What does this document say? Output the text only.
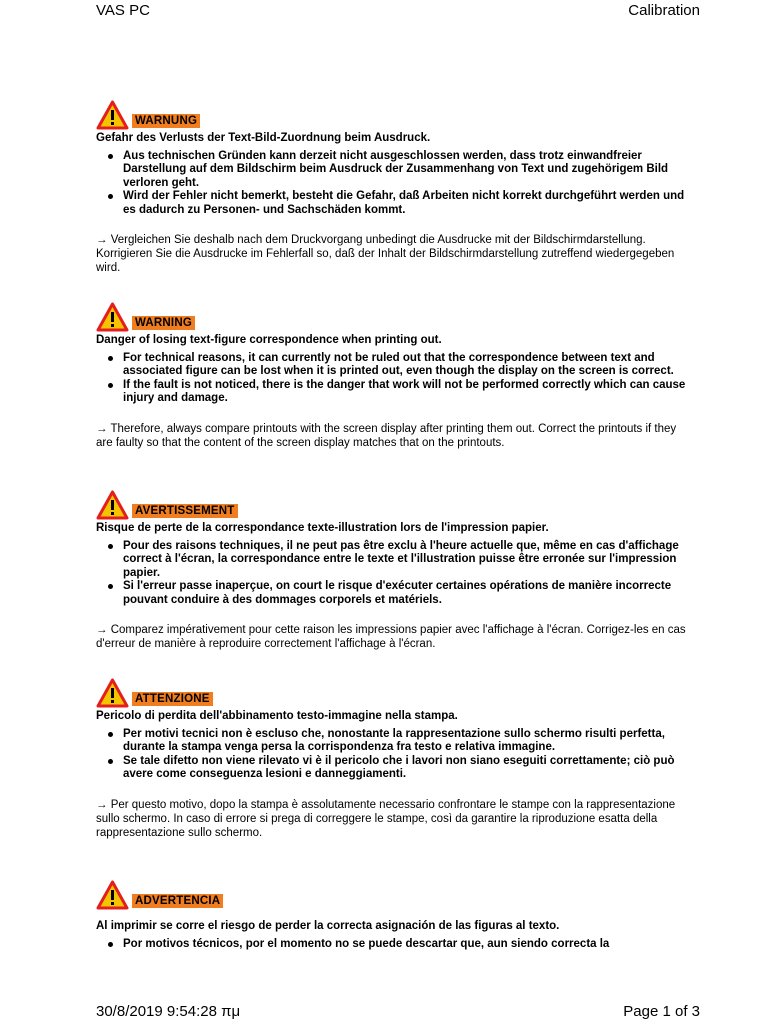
VAS PC	Calibration
WARNUNG
Gefahr des Verlusts der Text-Bild-Zuordnung beim Ausdruck.
Aus technischen Gründen kann derzeit nicht ausgeschlossen werden, dass trotz einwandfreier Darstellung auf dem Bildschirm beim Ausdruck der Zusammenhang von Text und zugehörigem Bild verloren geht.
Wird der Fehler nicht bemerkt, besteht die Gefahr, daß Arbeiten nicht korrekt durchgeführt werden und es dadurch zu Personen- und Sachschäden kommt.
→ Vergleichen Sie deshalb nach dem Druckvorgang unbedingt die Ausdrucke mit der Bildschirmdarstellung. Korrigieren Sie die Ausdrucke im Fehlerfall so, daß der Inhalt der Bildschirmdarstellung zutreffend wiedergegeben wird.
WARNING
Danger of losing text-figure correspondence when printing out.
For technical reasons, it can currently not be ruled out that the correspondence between text and associated figure can be lost when it is printed out, even though the display on the screen is correct.
If the fault is not noticed, there is the danger that work will not be performed correctly which can cause injury and damage.
→ Therefore, always compare printouts with the screen display after printing them out. Correct the printouts if they are faulty so that the content of the screen display matches that on the printouts.
AVERTISSEMENT
Risque de perte de la correspondance texte-illustration lors de l'impression papier.
Pour des raisons techniques, il ne peut pas être exclu à l'heure actuelle que, même en cas d'affichage correct à l'écran, la correspondance entre le texte et l'illustration puisse être erronée sur l'impression papier.
Si l'erreur passe inaperçue, on court le risque d'exécuter certaines opérations de manière incorrecte pouvant conduire à des dommages corporels et matériels.
→ Comparez impérativement pour cette raison les impressions papier avec l'affichage à l'écran. Corrigez-les en cas d'erreur de manière à reproduire correctement l'affichage à l'écran.
ATTENZIONE
Pericolo di perdita dell'abbinamento testo-immagine nella stampa.
Per motivi tecnici non è escluso che, nonostante la rappresentazione sullo schermo risulti perfetta, durante la stampa venga persa la corrispondenza fra testo e relativa immagine.
Se tale difetto non viene rilevato vi è il pericolo che i lavori non siano eseguiti correttamente; ciò può avere come conseguenza lesioni e danneggiamenti.
→ Per questo motivo, dopo la stampa è assolutamente necessario confrontare le stampe con la rappresentazione sullo schermo. In caso di errore si prega di correggere le stampe, così da garantire la riproduzione esatta della rappresentazione sullo schermo.
ADVERTENCIA
Al imprimir se corre el riesgo de perder la correcta asignación de las figuras al texto.
Por motivos técnicos, por el momento no se puede descartar que, aun siendo correcta la
30/8/2019 9:54:28 πμ	Page 1 of 3
